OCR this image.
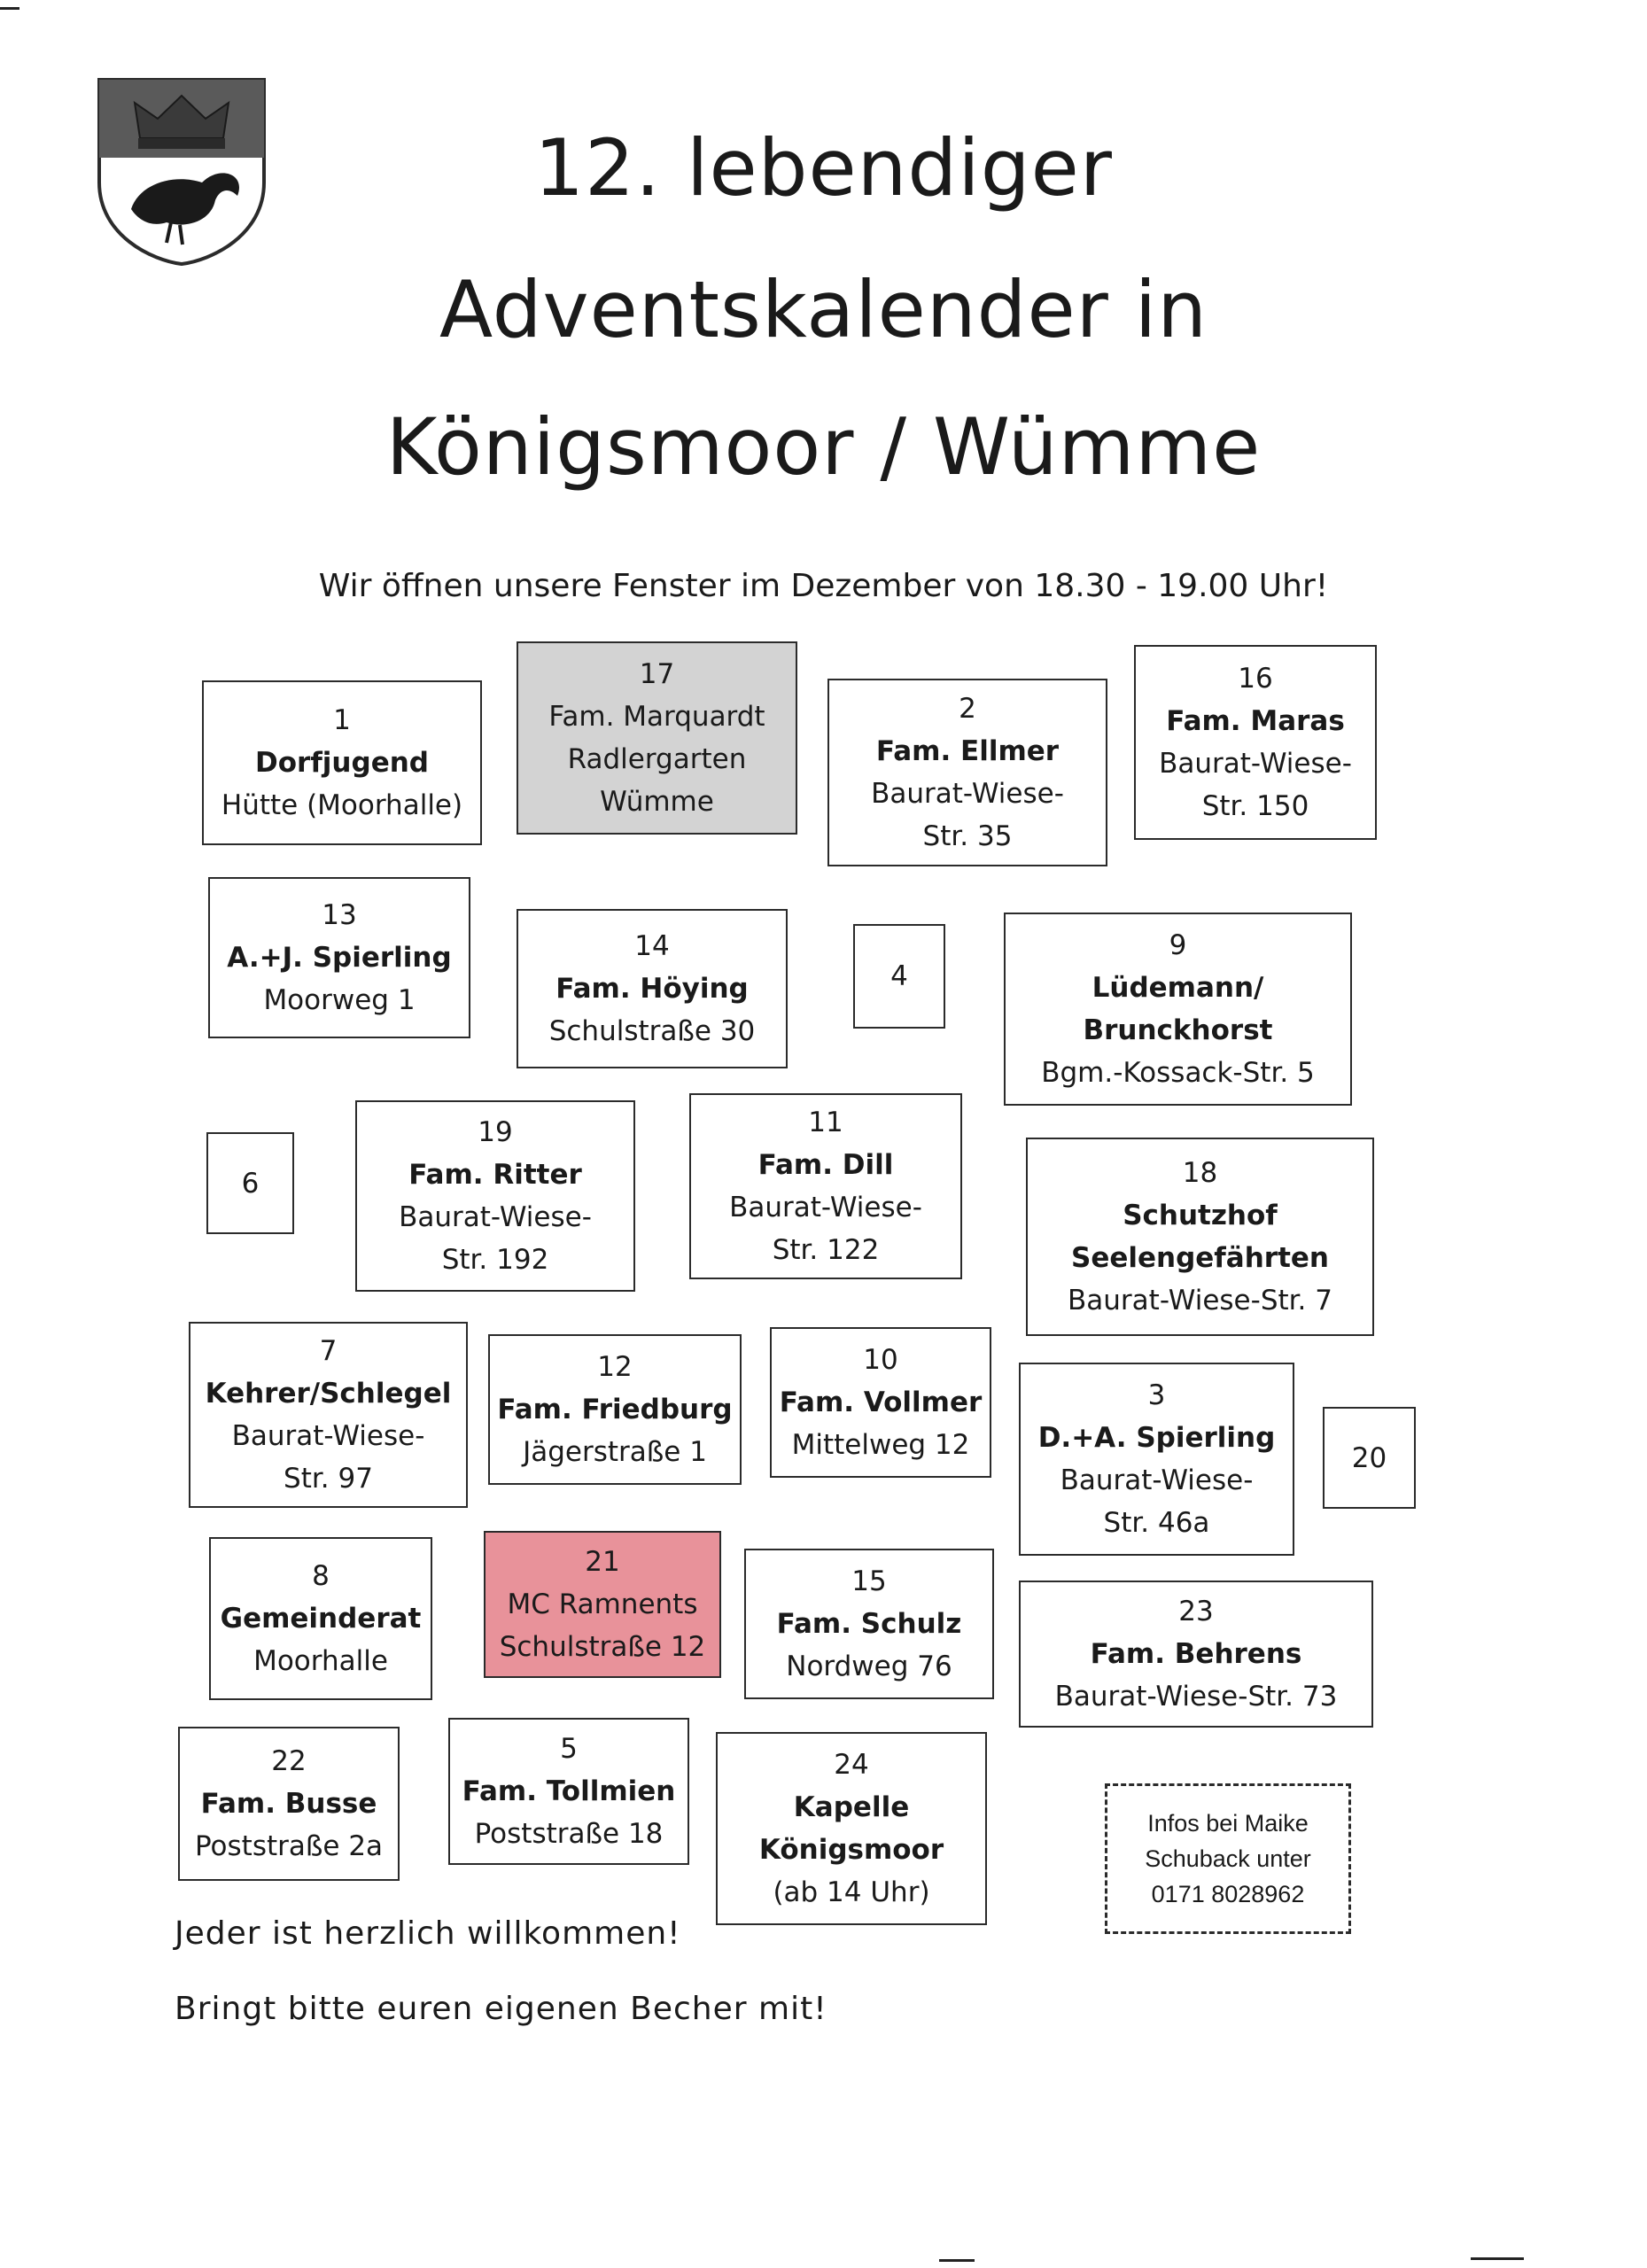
12. lebendiger
Adventskalender in
Königsmoor / Wümme
Wir öffnen unsere Fenster im Dezember von 18.30 - 19.00 Uhr!
1
Dorfjugend
Hütte (Moorhalle)
17
Fam. Marquardt
Radlergarten
Wümme
2
Fam. Ellmer
Baurat-Wiese-
Str. 35
16
Fam. Maras
Baurat-Wiese-
Str. 150
13
A.+J. Spierling
Moorweg 1
14
Fam. Höying
Schulstraße 30
4
9
Lüdemann/
Brunckhorst
Bgm.-Kossack-Str. 5
6
19
Fam. Ritter
Baurat-Wiese-
Str. 192
11
Fam. Dill
Baurat-Wiese-
Str. 122
18
Schutzhof
Seelengefährten
Baurat-Wiese-Str. 7
7
Kehrer/Schlegel
Baurat-Wiese-
Str. 97
12
Fam. Friedburg
Jägerstraße 1
10
Fam. Vollmer
Mittelweg 12
3
D.+A. Spierling
Baurat-Wiese-
Str. 46a
20
8
Gemeinderat
Moorhalle
21
MC Ramnents
Schulstraße 12
15
Fam. Schulz
Nordweg 76
23
Fam. Behrens
Baurat-Wiese-Str. 73
22
Fam. Busse
Poststraße 2a
5
Fam. Tollmien
Poststraße 18
24
Kapelle
Königsmoor
(ab 14 Uhr)
Infos bei Maike
Schuback unter
0171 8028962
Jeder ist herzlich willkommen!
Bringt bitte euren eigenen Becher mit!
